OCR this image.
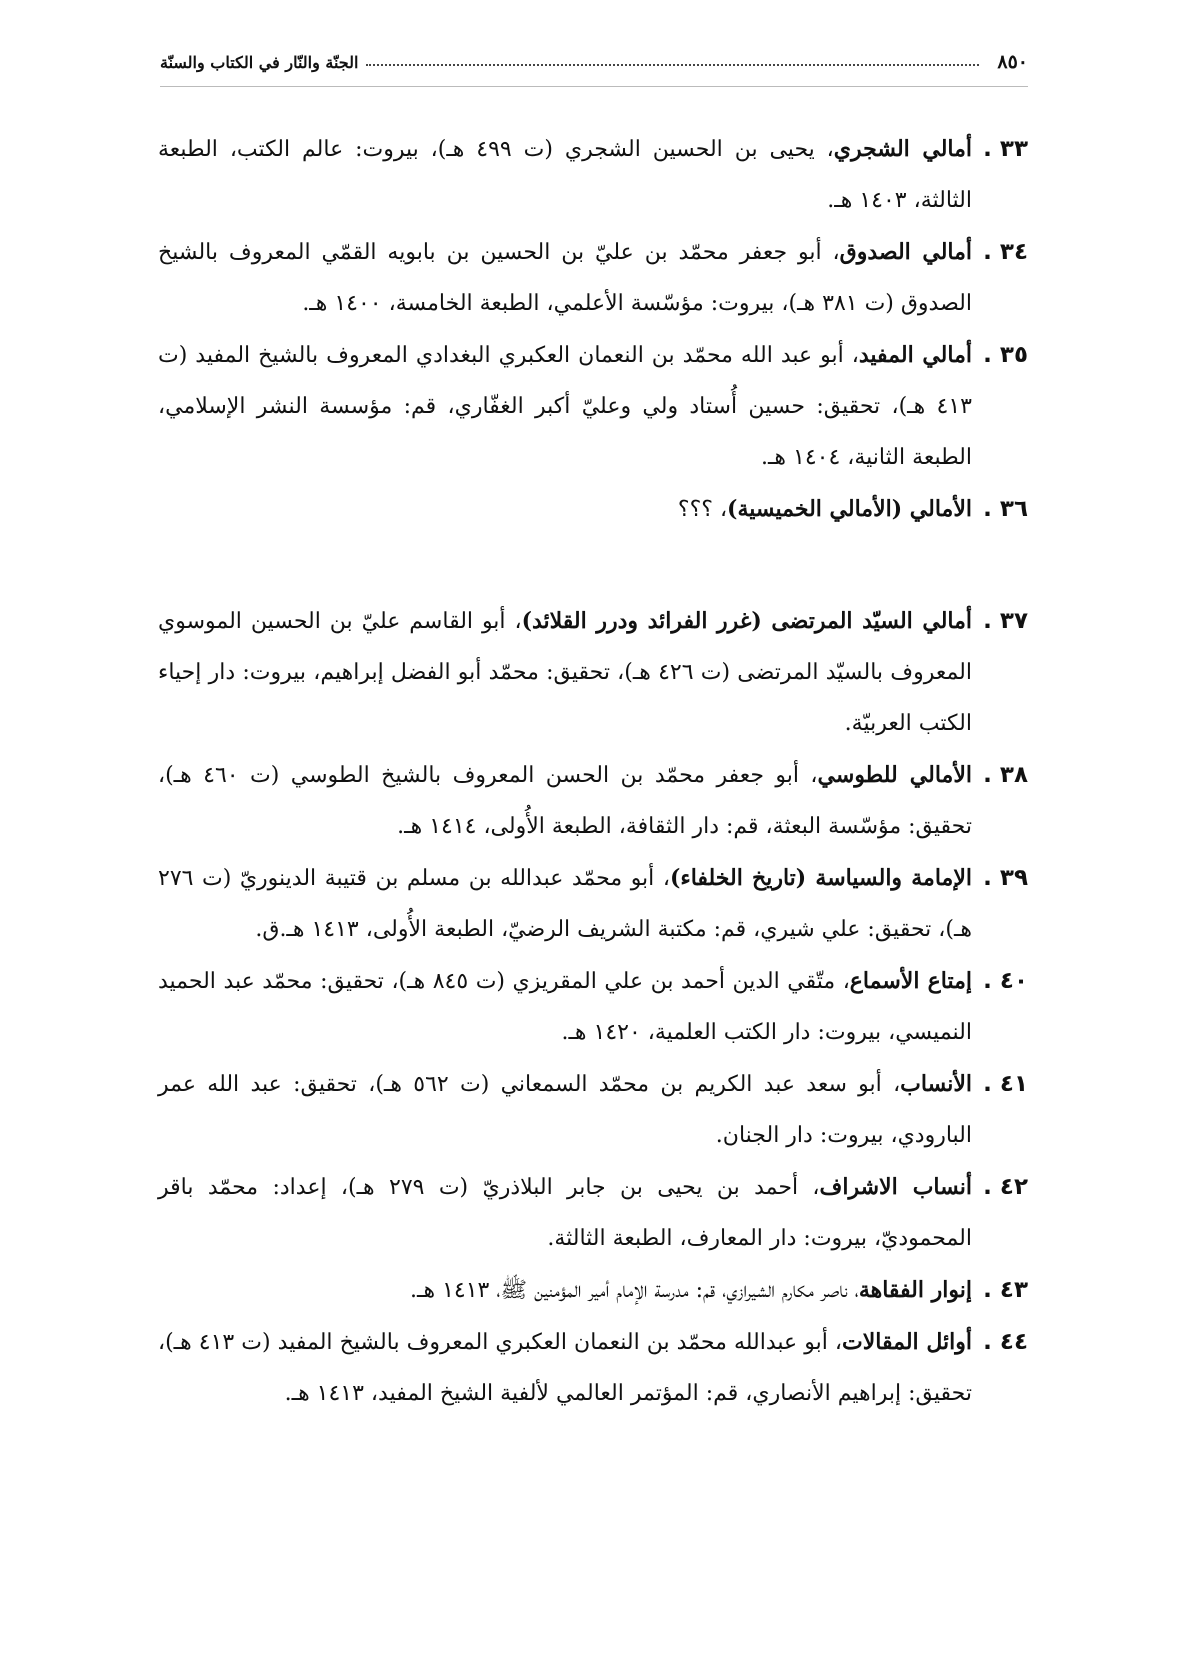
٨٥٠
الجنّة والنّار في الكتاب والسنّة
٣٣ .
أمالي الشجري، يحيى بن الحسين الشجري (ت ٤٩٩ هـ)، بيروت: عالم الكتب، الطبعة الثالثة، ١٤٠٣ هـ.
٣٤ .
أمالي الصدوق، أبو جعفر محمّد بن عليّ بن الحسين بن بابويه القمّي المعروف بالشيخ الصدوق (ت ٣٨١ هـ)، بيروت: مؤسّسة الأعلمي، الطبعة الخامسة، ١٤٠٠ هـ.
٣٥ .
أمالي المفيد، أبو عبد الله محمّد بن النعمان العكبري البغدادي المعروف بالشيخ المفيد (ت ٤١٣ هـ)، تحقيق: حسين أُستاد ولي وعليّ أكبر الغفّاري، قم: مؤسسة النشر الإسلامي، الطبعة الثانية، ١٤٠٤ هـ.
٣٦ .
الأمالي (الأمالي الخميسية)، ؟؟؟
٣٧ .
أمالي السيّد المرتضى (غرر الفرائد ودرر القلائد)، أبو القاسم عليّ بن الحسين الموسوي المعروف بالسيّد المرتضى (ت ٤٢٦ هـ)، تحقيق: محمّد أبو الفضل إبراهيم، بيروت: دار إحياء الكتب العربيّة.
٣٨ .
الأمالي للطوسي، أبو جعفر محمّد بن الحسن المعروف بالشيخ الطوسي (ت ٤٦٠ هـ)، تحقيق: مؤسّسة البعثة، قم: دار الثقافة، الطبعة الأُولى، ١٤١٤ هـ.
٣٩ .
الإمامة والسياسة (تاريخ الخلفاء)، أبو محمّد عبدالله بن مسلم بن قتيبة الدينوريّ (ت ٢٧٦ هـ)، تحقيق: علي شيري، قم: مكتبة الشريف الرضيّ، الطبعة الأُولى، ١٤١٣ هـ.ق.
٤٠ .
إمتاع الأسماع، متّقي الدين أحمد بن علي المقريزي (ت ٨٤٥ هـ)، تحقيق: محمّد عبد الحميد النميسي، بيروت: دار الكتب العلمية، ١٤٢٠ هـ.
٤١ .
الأنساب، أبو سعد عبد الكريم بن محمّد السمعاني (ت ٥٦٢ هـ)، تحقيق: عبد الله عمر البارودي، بيروت: دار الجنان.
٤٢ .
أنساب الاشراف، أحمد بن يحيى بن جابر البلاذريّ (ت ٢٧٩ هـ)، إعداد: محمّد باقر المحموديّ، بيروت: دار المعارف، الطبعة الثالثة.
٤٣ .
إنوار الفقاهة، ناصر مكارم الشيرازي، قم: مدرسة الإمام أمير المؤمنين ﷺ، ١٤١٣ هـ.
٤٤ .
أوائل المقالات، أبو عبدالله محمّد بن النعمان العكبري المعروف بالشيخ المفيد (ت ٤١٣ هـ)، تحقيق: إبراهيم الأنصاري، قم: المؤتمر العالمي لألفية الشيخ المفيد، ١٤١٣ هـ.
